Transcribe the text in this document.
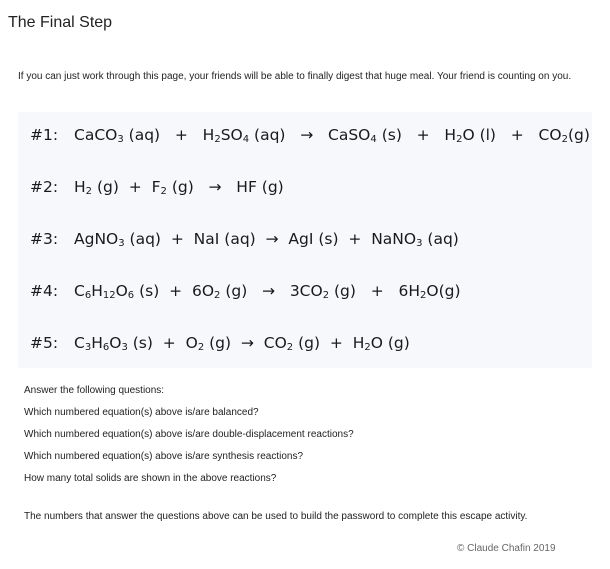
The Final Step
If you can just work through this page, your friends will be able to finally digest that huge meal. Your friend is counting on you.
#1: CaCO$_3$ $(aq) + H_2SO_4$ (aq)   →   CaSO$_4$ $(s) + H_2O$ $(l) + CO_2(g)$
#2: $H_2$ $(g) + F_2$ (g)   →   HF (g)
#3: AgNO$_3$ (aq)  +  NaI (aq)  →  AgI (s)  +  NaNO$_3$ (aq)
#4: $C_6H_{12}O_6$ $(s) + 6O_2$ $(g) \to 3CO_2$ $(g) + 6H_2O(g)$
#5: $C_3H_6O_3$ $(s) + O_2$ $(g) \to CO_2$ $(g) + H_2O$ (g)
Answer the following questions:
Which numbered equation(s) above is/are balanced?
Which numbered equation(s) above is/are double-displacement reactions?
Which numbered equation(s) above is/are synthesis reactions?
How many total solids are shown in the above reactions?
The numbers that answer the questions above can be used to build the password to complete this escape activity.
© Claude Chafin 2019
